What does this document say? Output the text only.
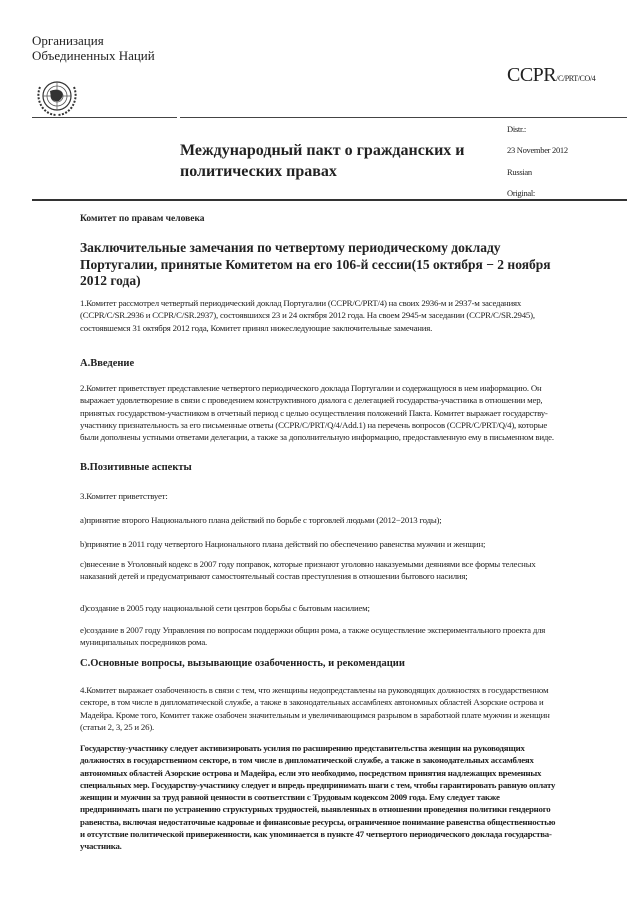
Организация
Объединенных Наций
CCPR/C/PRT/CO/4
Distr.:
23 November 2012
Russian
Original:
Международный пакт о гражданских и
политических правах
Комитет по правам человека
Заключительные замечания по четвертому периодическому докладу Португалии, принятые Комитетом на его 106-й сессии(15 октября − 2 ноября 2012 года)
1.Комитет рассмотрел четвертый периодический доклад Португалии (CCPR/C/PRT/4) на своих 2936-м и 2937-м заседаниях (CCPR/C/SR.2936 и CCPR/C/SR.2937), состоявшихся 23 и 24 октября 2012 года. На своем 2945-м заседании (CCPR/C/SR.2945), состоявшемся 31 октября 2012 года, Комитет принял нижеследующие заключительные замечания.
A.Введение
2.Комитет приветствует представление четвертого периодического доклада Португалии и содержащуюся в нем информацию. Он выражает удовлетворение в связи с проведением конструктивного диалога с делегацией государства-участника в отношении мер, принятых государством-участником в отчетный период с целью осуществления положений Пакта. Комитет выражает государству-участнику признательность за его письменные ответы (CCPR/C/PRT/Q/4/Add.1) на перечень вопросов (CCPR/C/PRT/Q/4), которые были дополнены устными ответами делегации, а также за дополнительную информацию, предоставленную ему в письменном виде.
B.Позитивные аспекты
3.Комитет приветствует:
a)принятие второго Национального плана действий по борьбе с торговлей людьми (2012−2013 годы);
b)принятие в 2011 году четвертого Национального плана действий по обеспечению равенства мужчин и женщин;
c)внесение в Уголовный кодекс в 2007 году поправок, которые признают уголовно наказуемыми деяниями все формы телесных наказаний детей и предусматривают самостоятельный состав преступления в отношении бытового насилия;
d)создание в 2005 году национальной сети центров борьбы с бытовым насилием;
e)создание в 2007 году Управления по вопросам поддержки общин рома, а также осуществление экспериментального проекта для муниципальных посредников рома.
C.Основные вопросы, вызывающие озабоченность, и рекомендации
4.Комитет выражает озабоченность в связи с тем, что женщины недопредставлены на руководящих должностях в государственном секторе, в том числе в дипломатической службе, а также в законодательных ассамблеях автономных областей Азорские острова и Мадейра. Кроме того, Комитет также озабочен значительным и увеличивающимся разрывом в заработной плате мужчин и женщин (статьи 2, 3, 25 и 26).
Государству-участнику следует активизировать усилия по расширению представительства женщин на руководящих должностях в государственном секторе, в том числе в дипломатической службе, а также в законодательных ассамблеях автономных областей Азорские острова и Мадейра, если это необходимо, посредством принятия надлежащих временных специальных мер. Государству-участнику следует и впредь предпринимать шаги с тем, чтобы гарантировать равную оплату женщин и мужчин за труд равной ценности в соответствии с Трудовым кодексом 2009 года. Ему следует также предпринимать шаги по устранению структурных трудностей, выявленных в отношении проведения политики гендерного равенства, включая недостаточные кадровые и финансовые ресурсы, ограниченное понимание равенства общественностью и отсутствие политической приверженности, как упоминается в пункте 47 четвертого периодического доклада государства-участника.
